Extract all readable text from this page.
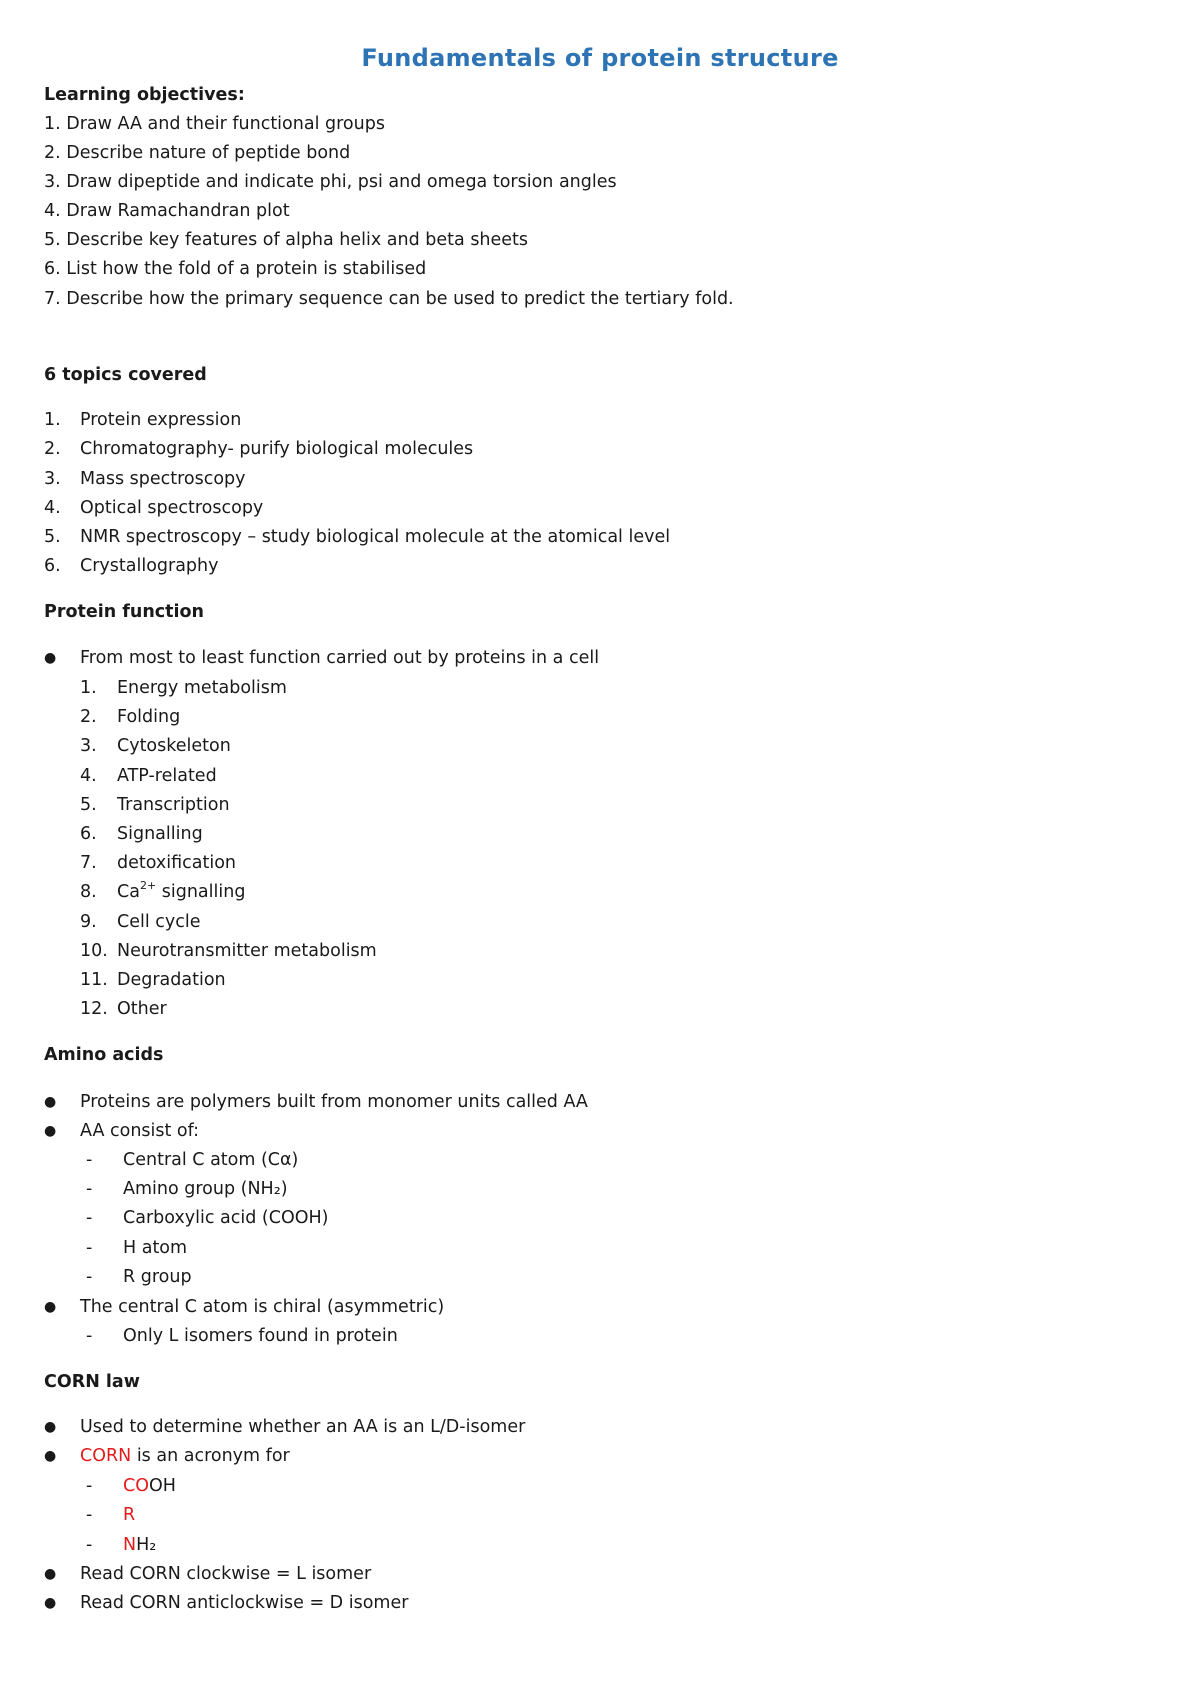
Fundamentals of protein structure
Learning objectives:
1. Draw AA and their functional groups
2. Describe nature of peptide bond
3. Draw dipeptide and indicate phi, psi and omega torsion angles
4. Draw Ramachandran plot
5. Describe key features of alpha helix and beta sheets
6. List how the fold of a protein is stabilised
7. Describe how the primary sequence can be used to predict the tertiary fold.
6 topics covered
1. Protein expression
2. Chromatography- purify biological molecules
3. Mass spectroscopy
4. Optical spectroscopy
5. NMR spectroscopy – study biological molecule at the atomical level
6. Crystallography
Protein function
● From most to least function carried out by proteins in a cell
1. Energy metabolism
2. Folding
3. Cytoskeleton
4. ATP-related
5. Transcription
6. Signalling
7. detoxification
8. $Ca^{2+}$ signalling
9. Cell cycle
10. Neurotransmitter metabolism
11. Degradation
12. Other
Amino acids
● Proteins are polymers built from monomer units called AA
● AA consist of:
- Central C atom (Cα)
- Amino group (NH₂)
- Carboxylic acid (COOH)
- H atom
- R group
● The central C atom is chiral (asymmetric)
- Only L isomers found in protein
CORN law
● Used to determine whether an AA is an L/D-isomer
● CORN is an acronym for
- COOH
- R
- NH₂
● Read CORN clockwise = L isomer
● Read CORN anticlockwise = D isomer
